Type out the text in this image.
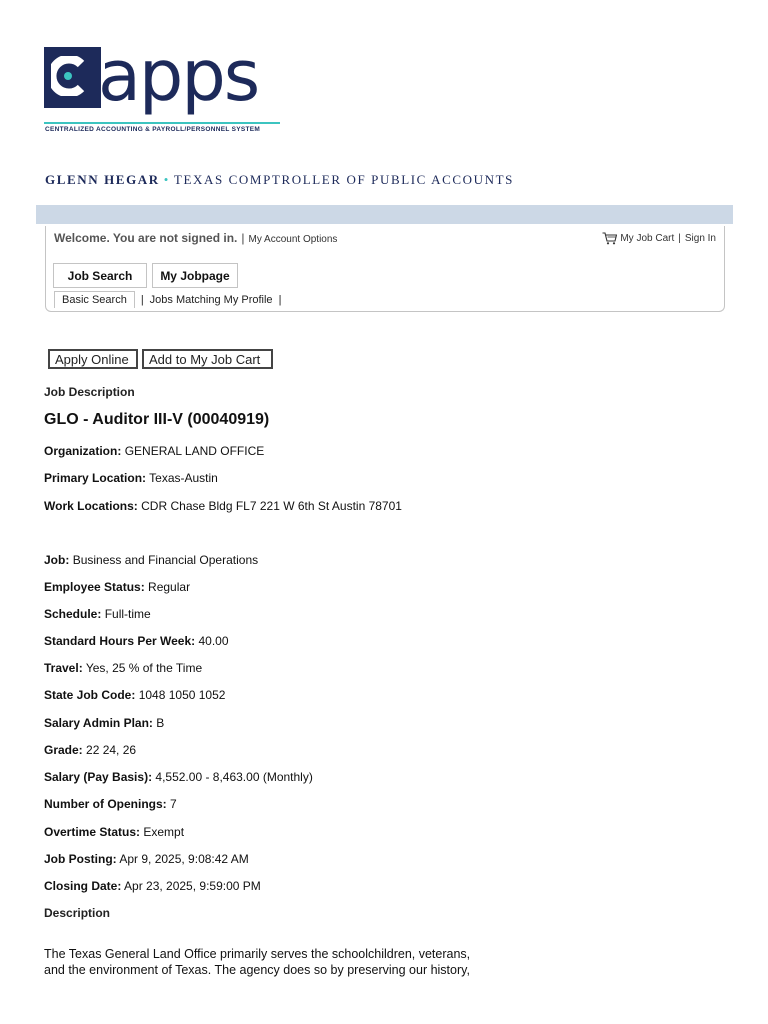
apps
CENTRALIZED ACCOUNTING & PAYROLL/PERSONNEL SYSTEM
GLENN HEGAR • TEXAS COMPTROLLER OF PUBLIC ACCOUNTS
Welcome. You are not signed in. | My Account Options	My Job Cart | Sign In
Job Search	My Jobpage
Basic Search	| Jobs Matching My Profile |
Apply Online	Add to My Job Cart
Job Description
GLO - Auditor III-V (00040919)
Organization: GENERAL LAND OFFICE
Primary Location: Texas-Austin
Work Locations: CDR Chase Bldg FL7 221 W 6th St Austin 78701
Job: Business and Financial Operations
Employee Status: Regular
Schedule: Full-time
Standard Hours Per Week: 40.00
Travel: Yes, 25 % of the Time
State Job Code: 1048 1050 1052
Salary Admin Plan: B
Grade: 22 24, 26
Salary (Pay Basis): 4,552.00 - 8,463.00 (Monthly)
Number of Openings: 7
Overtime Status: Exempt
Job Posting: Apr 9, 2025, 9:08:42 AM
Closing Date: Apr 23, 2025, 9:59:00 PM
Description

The Texas General Land Office primarily serves the schoolchildren, veterans,

and the environment of Texas. The agency does so by preserving our history,
